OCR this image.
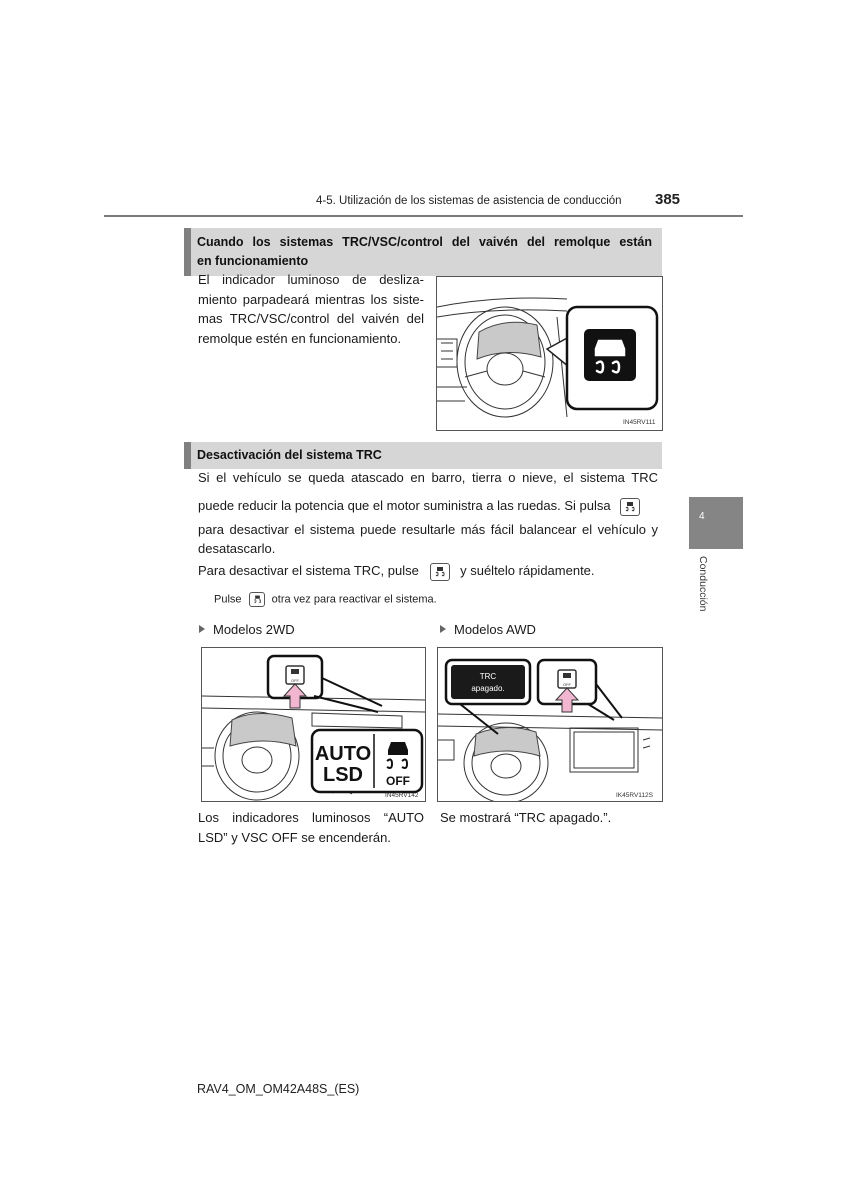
4-5. Utilización de los sistemas de asistencia de conducción 385
4
Conducción
Cuando los sistemas TRC/VSC/control del vaivén del remolque están
en funcionamiento
El indicador luminoso de desliza-
miento parpadeará mientras los siste-
mas TRC/VSC/control del vaivén del
remolque estén en funcionamiento.
IN45RV111
Desactivación del sistema TRC
Si el vehículo se queda atascado en barro, tierra o nieve, el sistema TRC
puede reducir la potencia que el motor suministra a las ruedas. Si pulsa
para desactivar el sistema puede resultarle más fácil balancear el vehículo y
desatascarlo.
Para desactivar el sistema TRC, pulse	y suéltelo rápidamente.
Pulse	otra vez para reactivar el sistema.
Modelos 2WD	Modelos AWD
OFF
AUTO
LSD OFF
IN45RV142
TRC
apagado.	OFF
IK45RV112S
Los indicadores luminosos “AUTO
LSD” y VSC OFF se encenderán.
Se mostrará “TRC apagado.”.
RAV4_OM_OM42A48S_(ES)
